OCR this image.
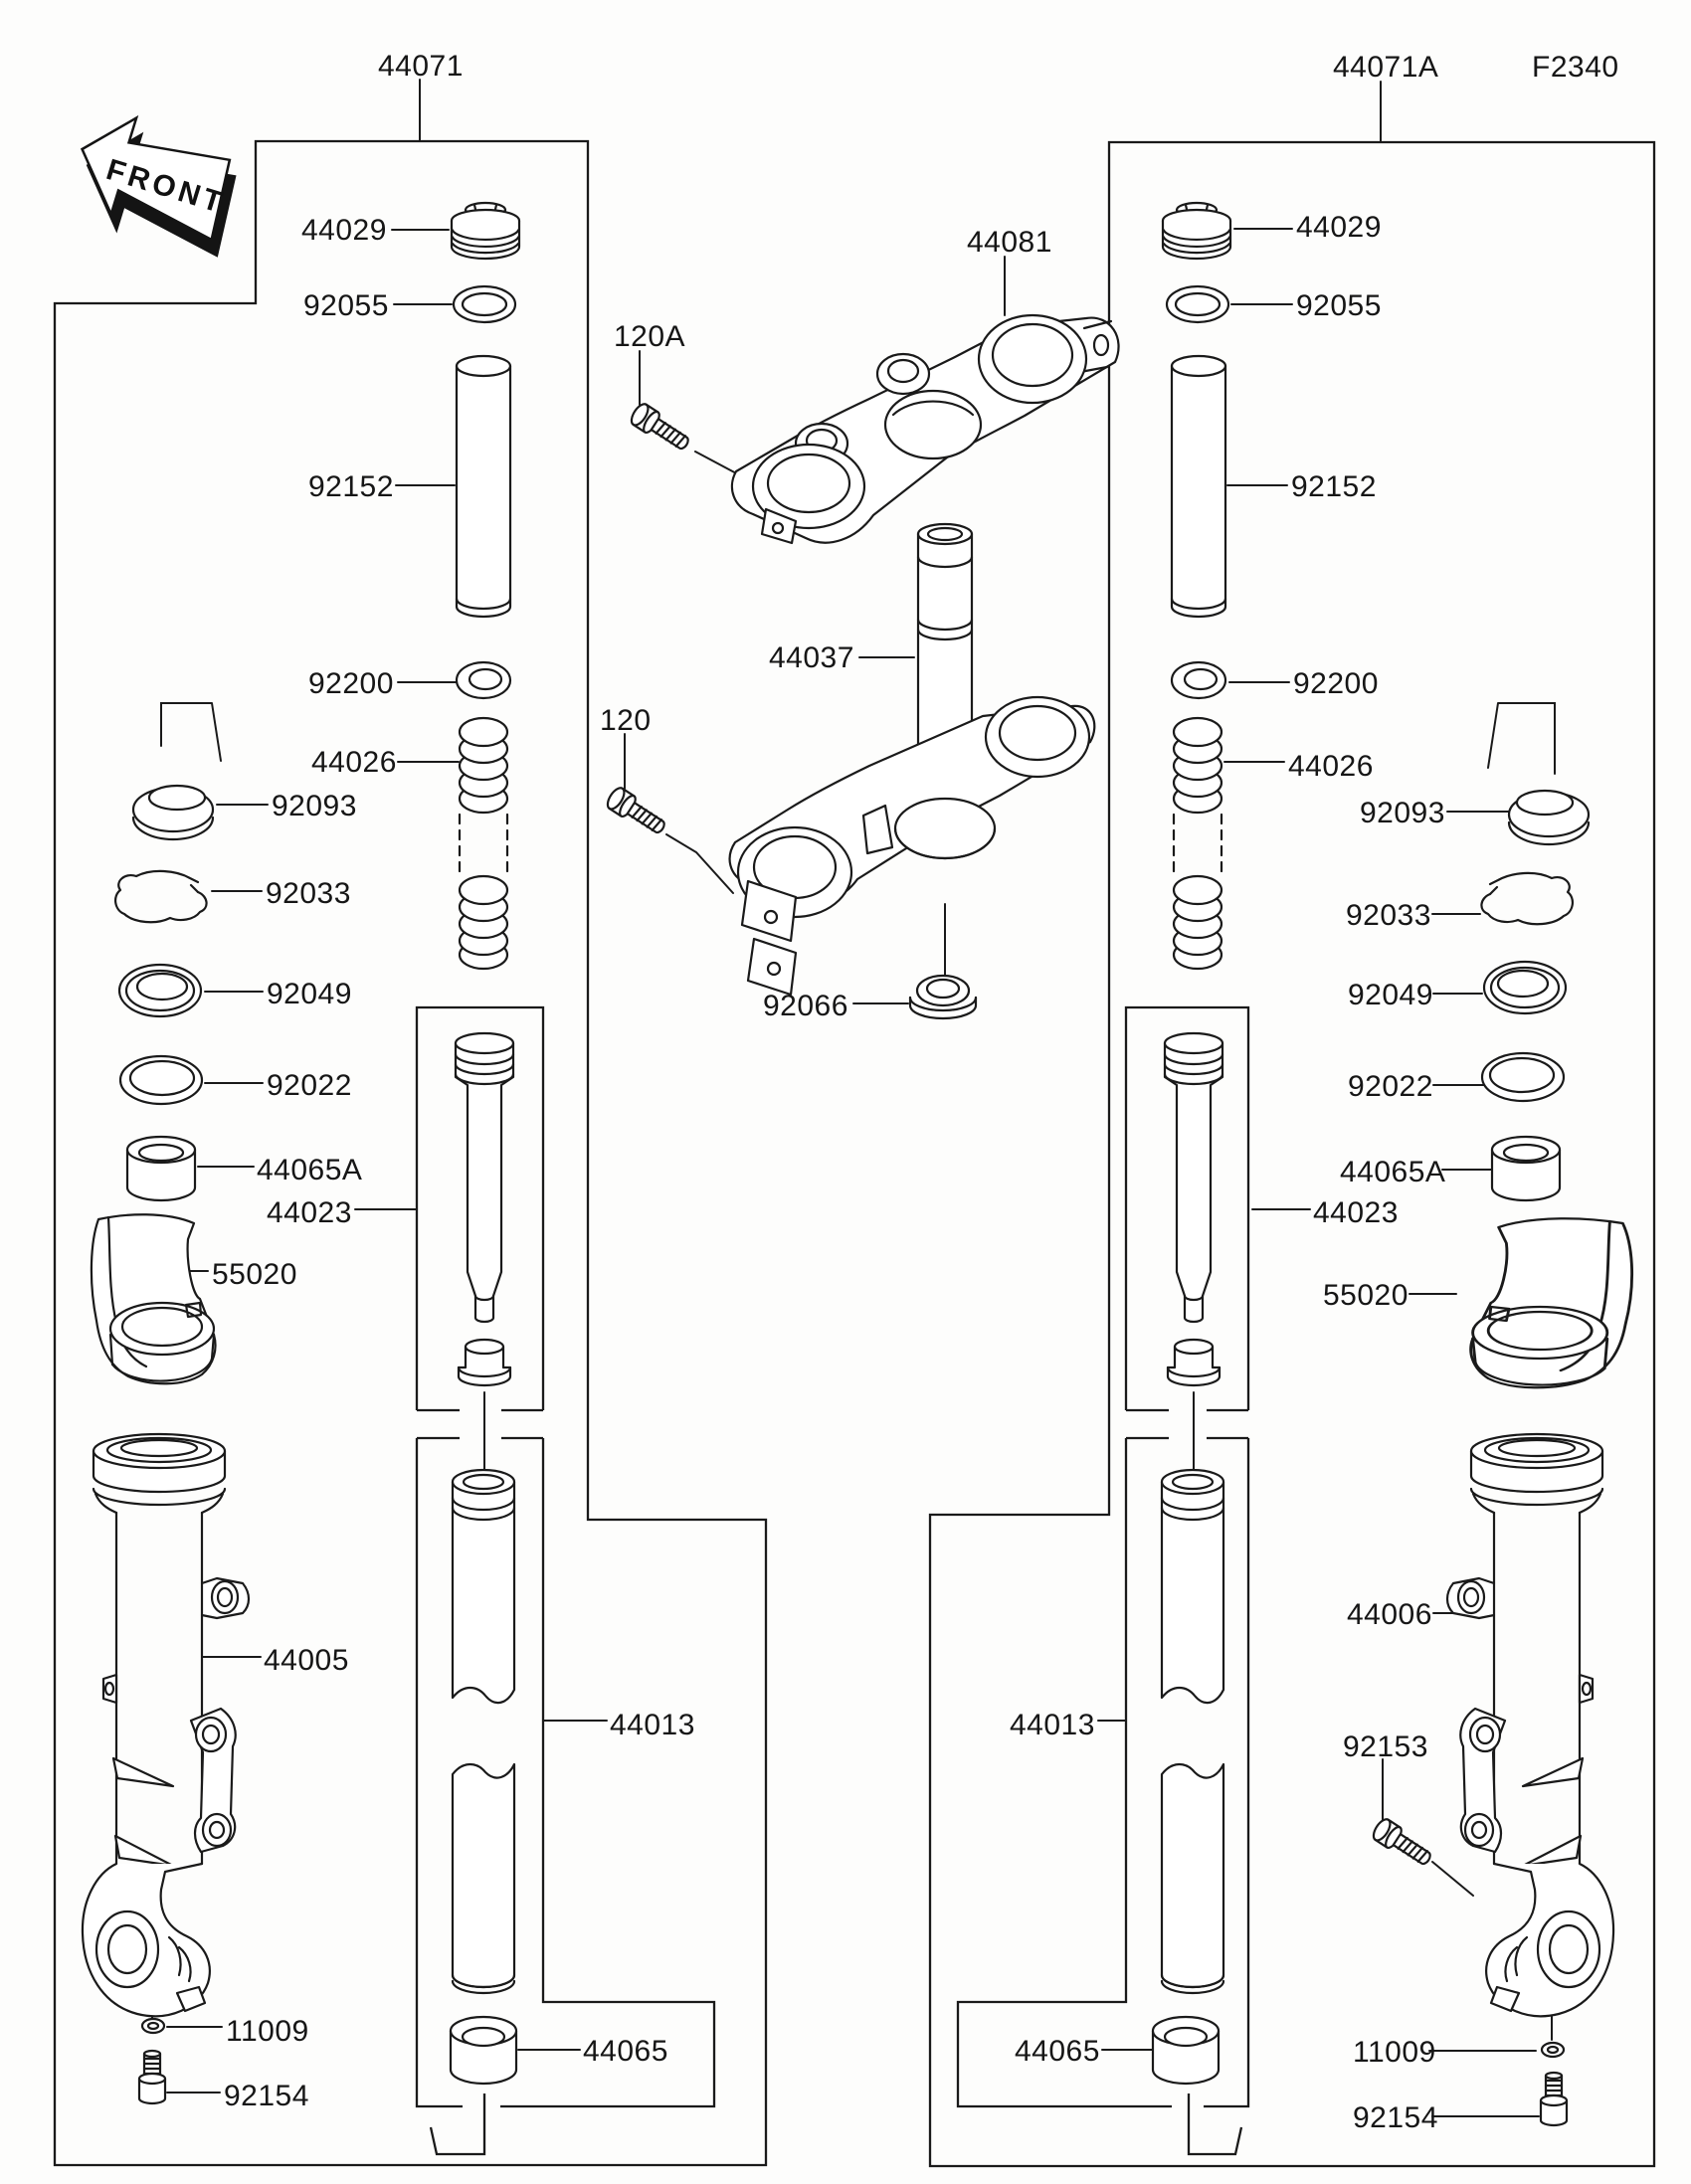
FRONT
44071	44071A	F2340
44029
92055
92152
92200
44026
92093
92033
92049
92022
44065A
44023
55020
44005
44013
44065
11009
92154
120A
44081
44037
120
92066
44029
92055
92152
92200
44026
92093
92033
92049
92022
44065A
44023
55020
44006
44013
92153
44065	11009
92154
